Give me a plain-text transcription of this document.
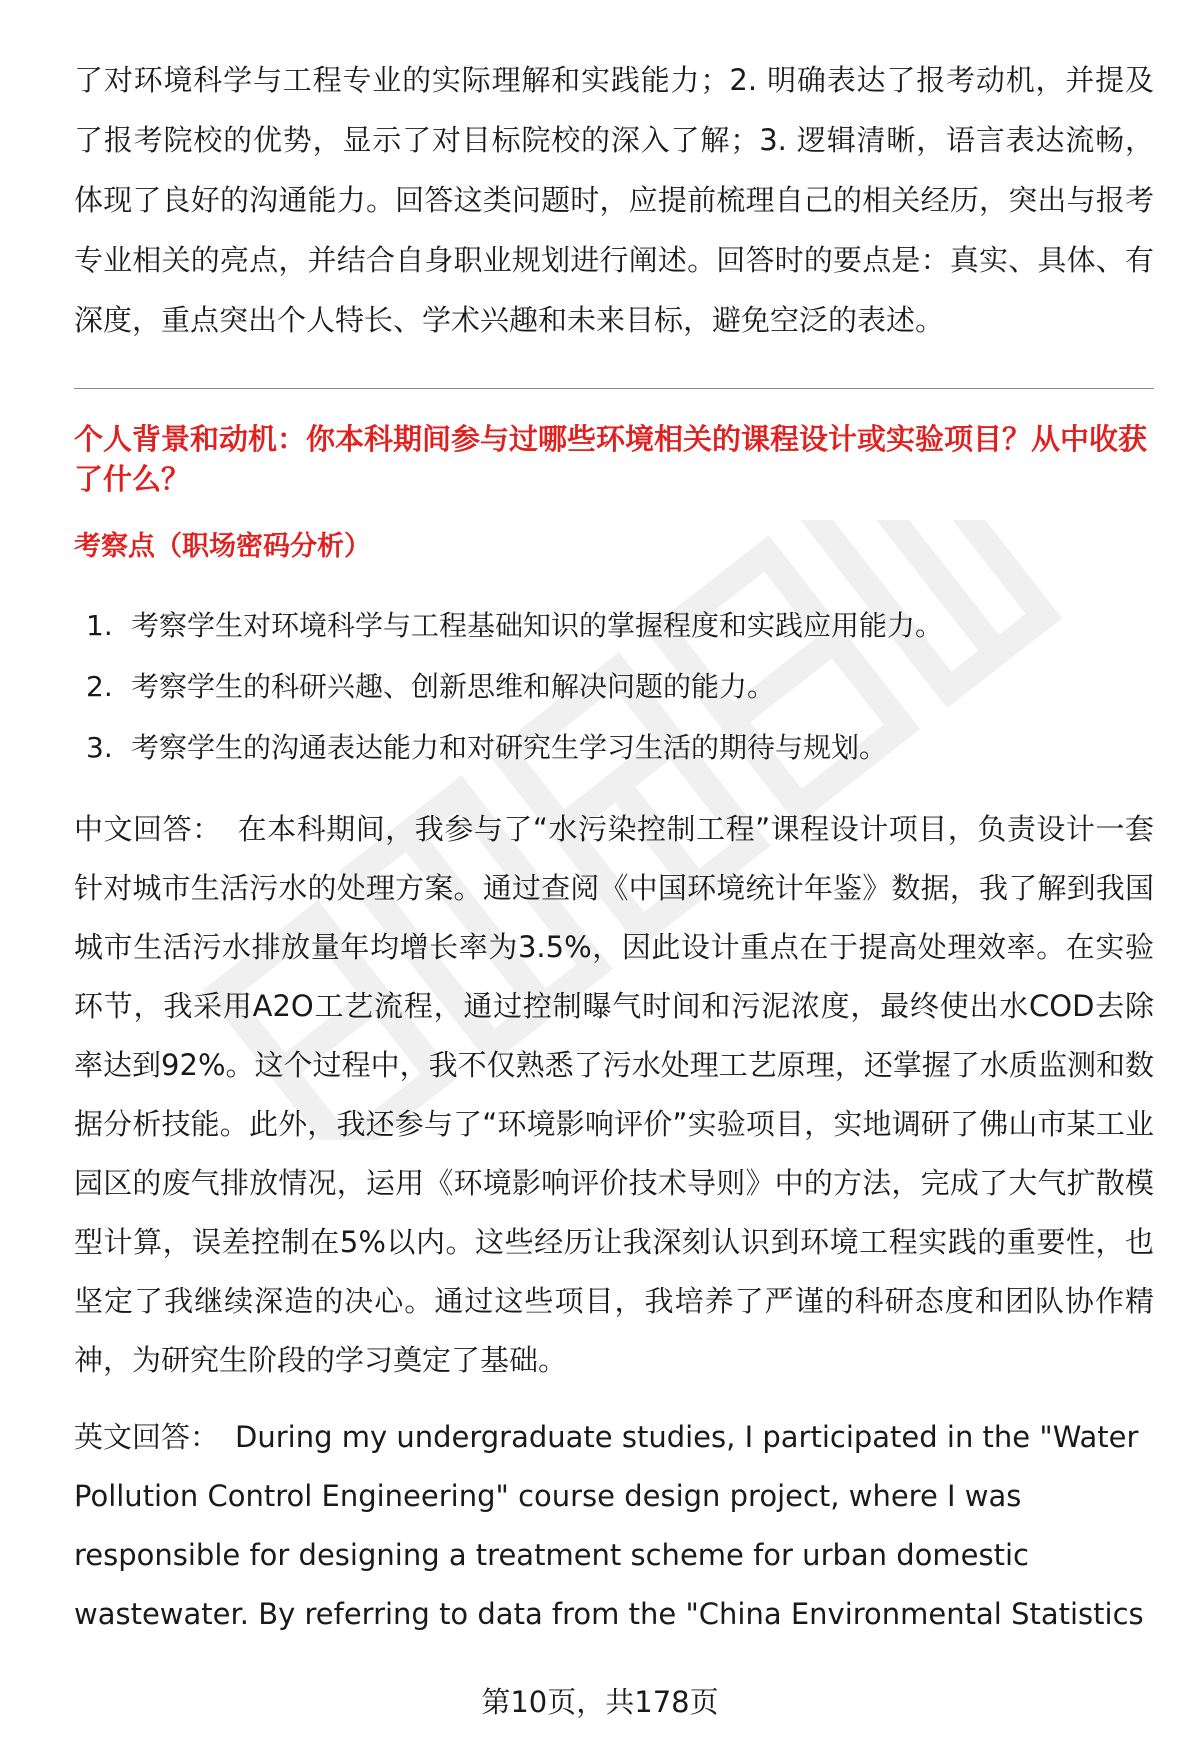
了对环境科学与工程专业的实际理解和实践能力；2. 明确表达了报考动机，并提及了报考院校的优势，显示了对目标院校的深入了解；3. 逻辑清晰，语言表达流畅，体现了良好的沟通能力。回答这类问题时，应提前梳理自己的相关经历，突出与报考专业相关的亮点，并结合自身职业规划进行阐述。回答时的要点是：真实、具体、有深度，重点突出个人特长、学术兴趣和未来目标，避免空泛的表述。

个人背景和动机：你本科期间参与过哪些环境相关的课程设计或实验项目？从中收获了什么？

考察点（职场密码分析）

1. 考察学生对环境科学与工程基础知识的掌握程度和实践应用能力。
2. 考察学生的科研兴趣、创新思维和解决问题的能力。
3. 考察学生的沟通表达能力和对研究生学习生活的期待与规划。

中文回答： 在本科期间，我参与了“水污染控制工程”课程设计项目，负责设计一套针对城市生活污水的处理方案。通过查阅《中国环境统计年鉴》数据，我了解到我国城市生活污水排放量年均增长率为3.5%，因此设计重点在于提高处理效率。在实验环节，我采用A2O工艺流程，通过控制曝气时间和污泥浓度，最终使出水COD去除率达到92%。这个过程中，我不仅熟悉了污水处理工艺原理，还掌握了水质监测和数据分析技能。此外，我还参与了“环境影响评价”实验项目，实地调研了佛山市某工业园区的废气排放情况，运用《环境影响评价技术导则》中的方法，完成了大气扩散模型计算，误差控制在5%以内。这些经历让我深刻认识到环境工程实践的重要性，也坚定了我继续深造的决心。通过这些项目，我培养了严谨的科研态度和团队协作精神，为研究生阶段的学习奠定了基础。

英文回答： During my undergraduate studies, I participated in the "Water Pollution Control Engineering" course design project, where I was responsible for designing a treatment scheme for urban domestic wastewater. By referring to data from the "China Environmental Statistics

第10页，共178页
